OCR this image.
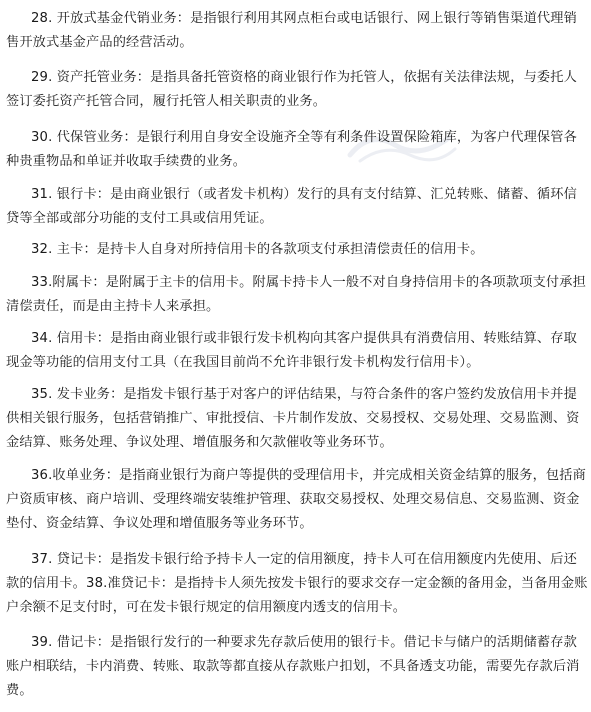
28. 开放式基金代销业务：是指银行利用其网点柜台或电话银行、网上银行等销售渠道代理销售开放式基金产品的经营活动。

29. 资产托管业务：是指具备托管资格的商业银行作为托管人，依据有关法律法规，与委托人签订委托资产托管合同，履行托管人相关职责的业务。

30. 代保管业务：是银行利用自身安全设施齐全等有利条件设置保险箱库，为客户代理保管各种贵重物品和单证并收取手续费的业务。

31. 银行卡：是由商业银行（或者发卡机构）发行的具有支付结算、汇兑转账、储蓄、循环信贷等全部或部分功能的支付工具或信用凭证。

32. 主卡：是持卡人自身对所持信用卡的各款项支付承担清偿责任的信用卡。

33.附属卡：是附属于主卡的信用卡。附属卡持卡人一般不对自身持信用卡的各项款项支付承担清偿责任，而是由主持卡人来承担。

34. 信用卡：是指由商业银行或非银行发卡机构向其客户提供具有消费信用、转账结算、存取现金等功能的信用支付工具（在我国目前尚不允许非银行发卡机构发行信用卡）。

35. 发卡业务：是指发卡银行基于对客户的评估结果，与符合条件的客户签约发放信用卡并提供相关银行服务，包括营销推广、审批授信、卡片制作发放、交易授权、交易处理、交易监测、资金结算、账务处理、争议处理、增值服务和欠款催收等业务环节。

36.收单业务：是指商业银行为商户等提供的受理信用卡，并完成相关资金结算的服务，包括商户资质审核、商户培训、受理终端安装维护管理、获取交易授权、处理交易信息、交易监测、资金垫付、资金结算、争议处理和增值服务等业务环节。

37. 贷记卡：是指发卡银行给予持卡人一定的信用额度，持卡人可在信用额度内先使用、后还款的信用卡。38.准贷记卡：是指持卡人须先按发卡银行的要求交存一定金额的备用金，当备用金账户余额不足支付时，可在发卡银行规定的信用额度内透支的信用卡。

39. 借记卡：是指银行发行的一种要求先存款后使用的银行卡。借记卡与储户的活期储蓄存款账户相联结，卡内消费、转账、取款等都直接从存款账户扣划，不具备透支功能，需要先存款后消费。
